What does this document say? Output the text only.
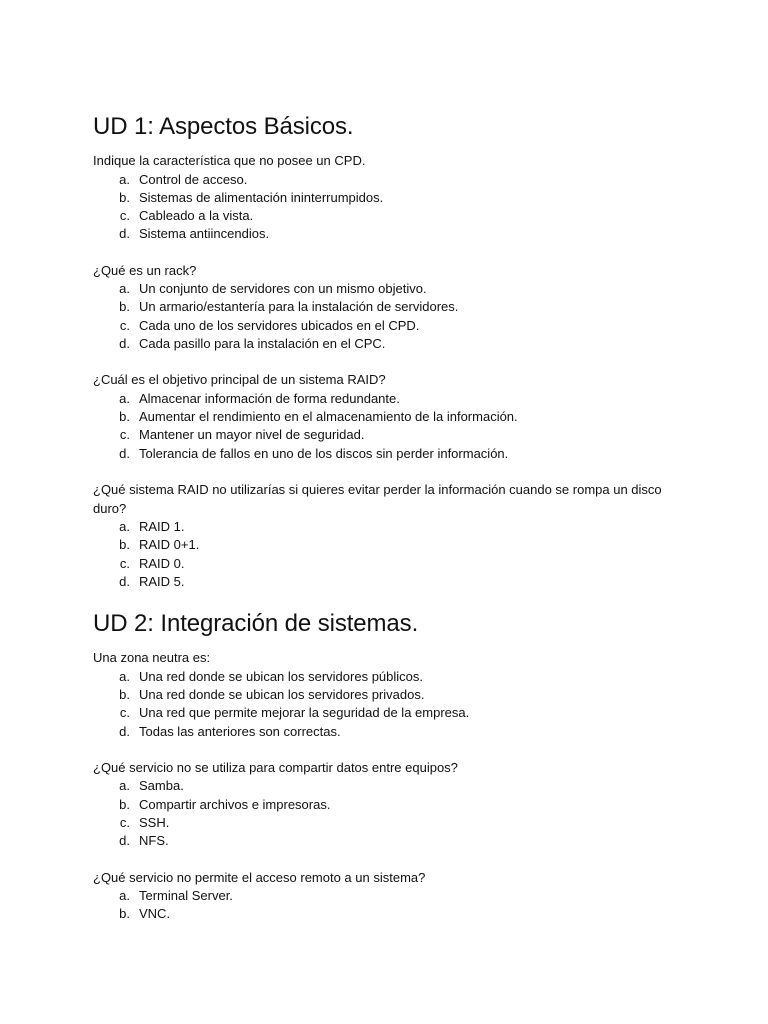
UD 1: Aspectos Básicos.

Indique la característica que no posee un CPD.

a. Control de acceso.
b. Sistemas de alimentación ininterrumpidos.
c. Cableado a la vista.
d. Sistema antiincendios.

¿Qué es un rack?

a. Un conjunto de servidores con un mismo objetivo.
b. Un armario/estantería para la instalación de servidores.
c. Cada uno de los servidores ubicados en el CPD.
d. Cada pasillo para la instalación en el CPC.

¿Cuál es el objetivo principal de un sistema RAID?

a. Almacenar información de forma redundante.
b. Aumentar el rendimiento en el almacenamiento de la información.
c. Mantener un mayor nivel de seguridad.
d. Tolerancia de fallos en uno de los discos sin perder información.

¿Qué sistema RAID no utilizarías si quieres evitar perder la información cuando se rompa un disco duro?

a. RAID 1.
b. RAID 0+1.
c. RAID 0.
d. RAID 5.
UD 2: Integración de sistemas.

Una zona neutra es:

a. Una red donde se ubican los servidores públicos.
b. Una red donde se ubican los servidores privados.
c. Una red que permite mejorar la seguridad de la empresa.
d. Todas las anteriores son correctas.

¿Qué servicio no se utiliza para compartir datos entre equipos?

a. Samba.
b. Compartir archivos e impresoras.
c. SSH.
d. NFS.

¿Qué servicio no permite el acceso remoto a un sistema?

a. Terminal Server.
b. VNC.
